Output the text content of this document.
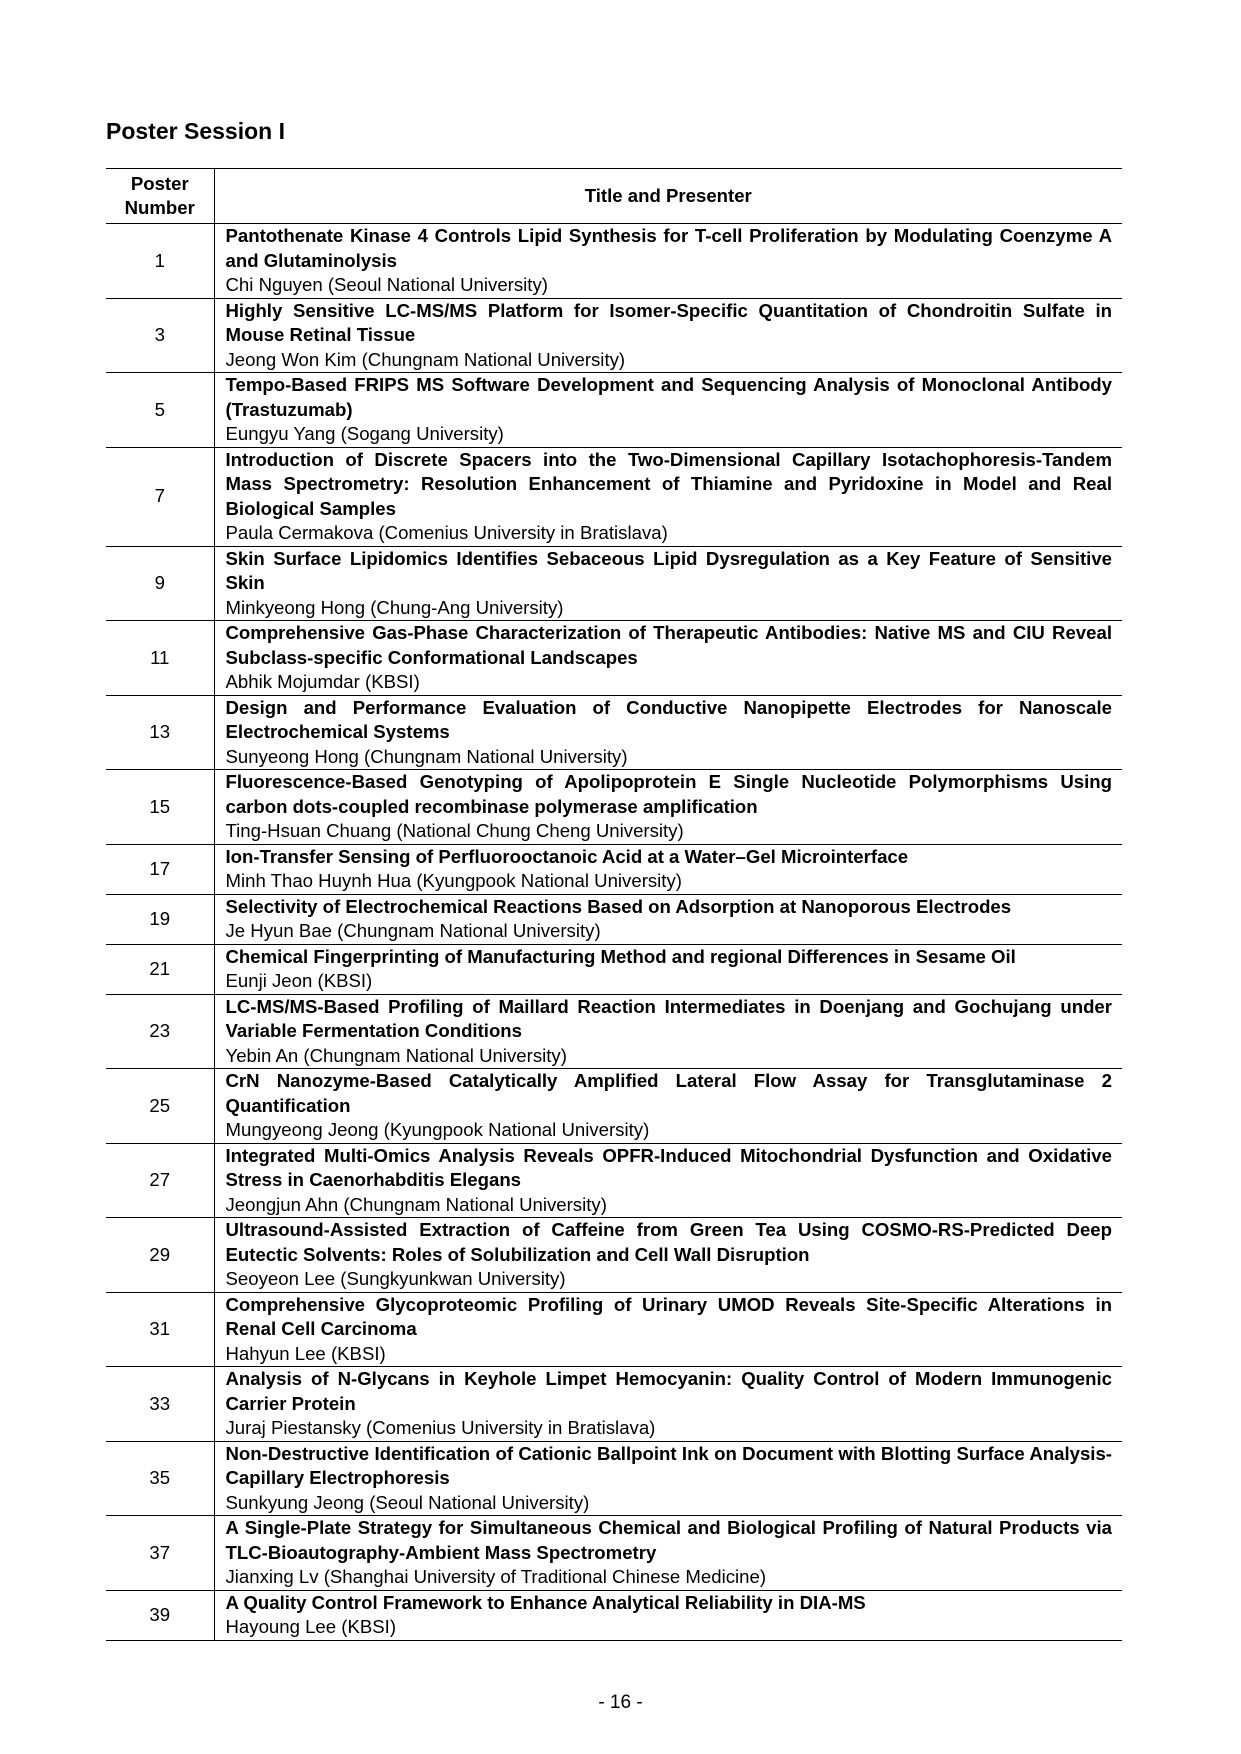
Poster Session I
Poster
Number	Title and Presenter
1	Pantothenate Kinase 4 Controls Lipid Synthesis for T-cell Proliferation by Modulating Coenzyme A and Glutaminolysis
Chi Nguyen (Seoul National University)

3	Highly Sensitive LC-MS/MS Platform for Isomer-Specific Quantitation of Chondroitin Sulfate in Mouse Retinal Tissue
Jeong Won Kim (Chungnam National University)

5	Tempo-Based FRIPS MS Software Development and Sequencing Analysis of Monoclonal Antibody (Trastuzumab)
Eungyu Yang (Sogang University)

7	Introduction of Discrete Spacers into the Two-Dimensional Capillary Isotachophoresis-Tandem Mass Spectrometry: Resolution Enhancement of Thiamine and Pyridoxine in Model and Real Biological Samples
Paula Cermakova (Comenius University in Bratislava)

9	Skin Surface Lipidomics Identifies Sebaceous Lipid Dysregulation as a Key Feature of Sensitive Skin
Minkyeong Hong (Chung-Ang University)

11	Comprehensive Gas-Phase Characterization of Therapeutic Antibodies: Native MS and CIU Reveal Subclass-specific Conformational Landscapes
Abhik Mojumdar (KBSI)

13	Design and Performance Evaluation of Conductive Nanopipette Electrodes for Nanoscale Electrochemical Systems
Sunyeong Hong (Chungnam National University)

15	Fluorescence-Based Genotyping of Apolipoprotein E Single Nucleotide Polymorphisms Using carbon dots-coupled recombinase polymerase amplification
Ting-Hsuan Chuang (National Chung Cheng University)

17	Ion-Transfer Sensing of Perfluorooctanoic Acid at a Water–Gel Microinterface
Minh Thao Huynh Hua (Kyungpook National University)

19	Selectivity of Electrochemical Reactions Based on Adsorption at Nanoporous Electrodes
Je Hyun Bae (Chungnam National University)

21	Chemical Fingerprinting of Manufacturing Method and regional Differences in Sesame Oil
Eunji Jeon (KBSI)

23	LC-MS/MS-Based Profiling of Maillard Reaction Intermediates in Doenjang and Gochujang under Variable Fermentation Conditions
Yebin An (Chungnam National University)

25	CrN Nanozyme-Based Catalytically Amplified Lateral Flow Assay for Transglutaminase 2 Quantification
Mungyeong Jeong (Kyungpook National University)

27	Integrated Multi-Omics Analysis Reveals OPFR-Induced Mitochondrial Dysfunction and Oxidative Stress in Caenorhabditis Elegans
Jeongjun Ahn (Chungnam National University)

29	Ultrasound-Assisted Extraction of Caffeine from Green Tea Using COSMO-RS-Predicted Deep Eutectic Solvents: Roles of Solubilization and Cell Wall Disruption
Seoyeon Lee (Sungkyunkwan University)

31	Comprehensive Glycoproteomic Profiling of Urinary UMOD Reveals Site-Specific Alterations in Renal Cell Carcinoma
Hahyun Lee (KBSI)

33	Analysis of N-Glycans in Keyhole Limpet Hemocyanin: Quality Control of Modern Immunogenic Carrier Protein
Juraj Piestansky (Comenius University in Bratislava)

35	Non-Destructive Identification of Cationic Ballpoint Ink on Document with Blotting Surface Analysis-Capillary Electrophoresis
Sunkyung Jeong (Seoul National University)

37	A Single-Plate Strategy for Simultaneous Chemical and Biological Profiling of Natural Products via TLC-Bioautography-Ambient Mass Spectrometry
Jianxing Lv (Shanghai University of Traditional Chinese Medicine)

39	A Quality Control Framework to Enhance Analytical Reliability in DIA-MS
Hayoung Lee (KBSI)
- 16 -
